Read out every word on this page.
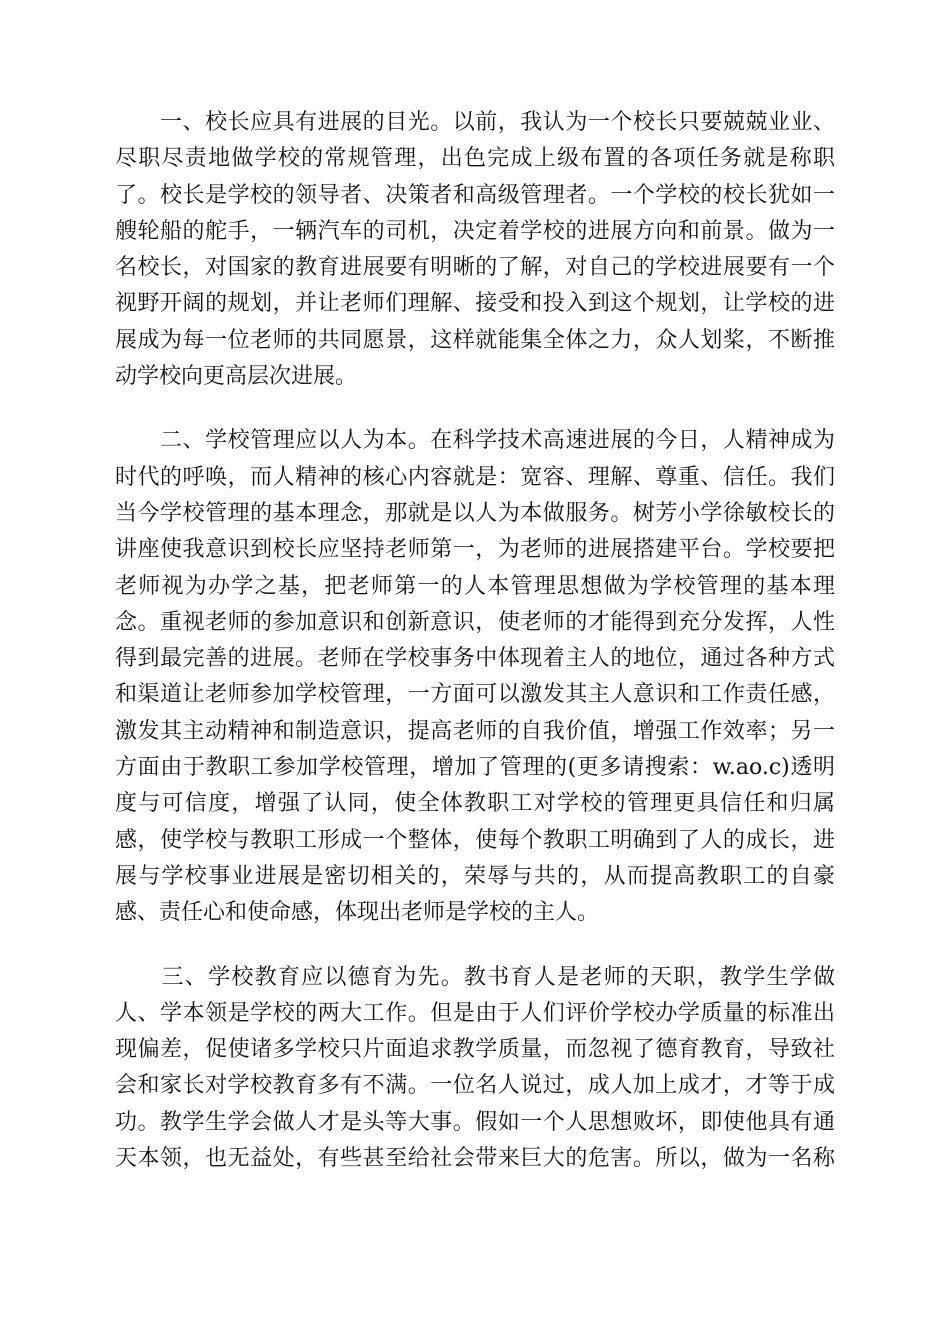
　　一、校长应具有进展的目光。以前，我认为一个校长只要兢兢业业、
尽职尽责地做学校的常规管理，出色完成上级布置的各项任务就是称职
了。校长是学校的领导者、决策者和高级管理者。一个学校的校长犹如一
艘轮船的舵手，一辆汽车的司机，决定着学校的进展方向和前景。做为一
名校长，对国家的教育进展要有明晰的了解，对自己的学校进展要有一个
视野开阔的规划，并让老师们理解、接受和投入到这个规划，让学校的进
展成为每一位老师的共同愿景，这样就能集全体之力，众人划桨，不断推
动学校向更高层次进展。
　　二、学校管理应以人为本。在科学技术高速进展的今日，人精神成为
时代的呼唤，而人精神的核心内容就是：宽容、理解、尊重、信任。我们
当今学校管理的基本理念，那就是以人为本做服务。树芳小学徐敏校长的
讲座使我意识到校长应坚持老师第一，为老师的进展搭建平台。学校要把
老师视为办学之基，把老师第一的人本管理思想做为学校管理的基本理
念。重视老师的参加意识和创新意识，使老师的才能得到充分发挥，人性
得到最完善的进展。老师在学校事务中体现着主人的地位，通过各种方式
和渠道让老师参加学校管理，一方面可以激发其主人意识和工作责任感，
激发其主动精神和制造意识，提高老师的自我价值，增强工作效率；另一
方面由于教职工参加学校管理，增加了管理的(更多请搜索：w.ao.c)透明
度与可信度，增强了认同，使全体教职工对学校的管理更具信任和归属
感，使学校与教职工形成一个整体，使每个教职工明确到了人的成长，进
展与学校事业进展是密切相关的，荣辱与共的，从而提高教职工的自豪
感、责任心和使命感，体现出老师是学校的主人。
　　三、学校教育应以德育为先。教书育人是老师的天职，教学生学做
人、学本领是学校的两大工作。但是由于人们评价学校办学质量的标准出
现偏差，促使诸多学校只片面追求教学质量，而忽视了德育教育，导致社
会和家长对学校教育多有不满。一位名人说过，成人加上成才，才等于成
功。教学生学会做人才是头等大事。假如一个人思想败坏，即使他具有通
天本领，也无益处，有些甚至给社会带来巨大的危害。所以，做为一名称
